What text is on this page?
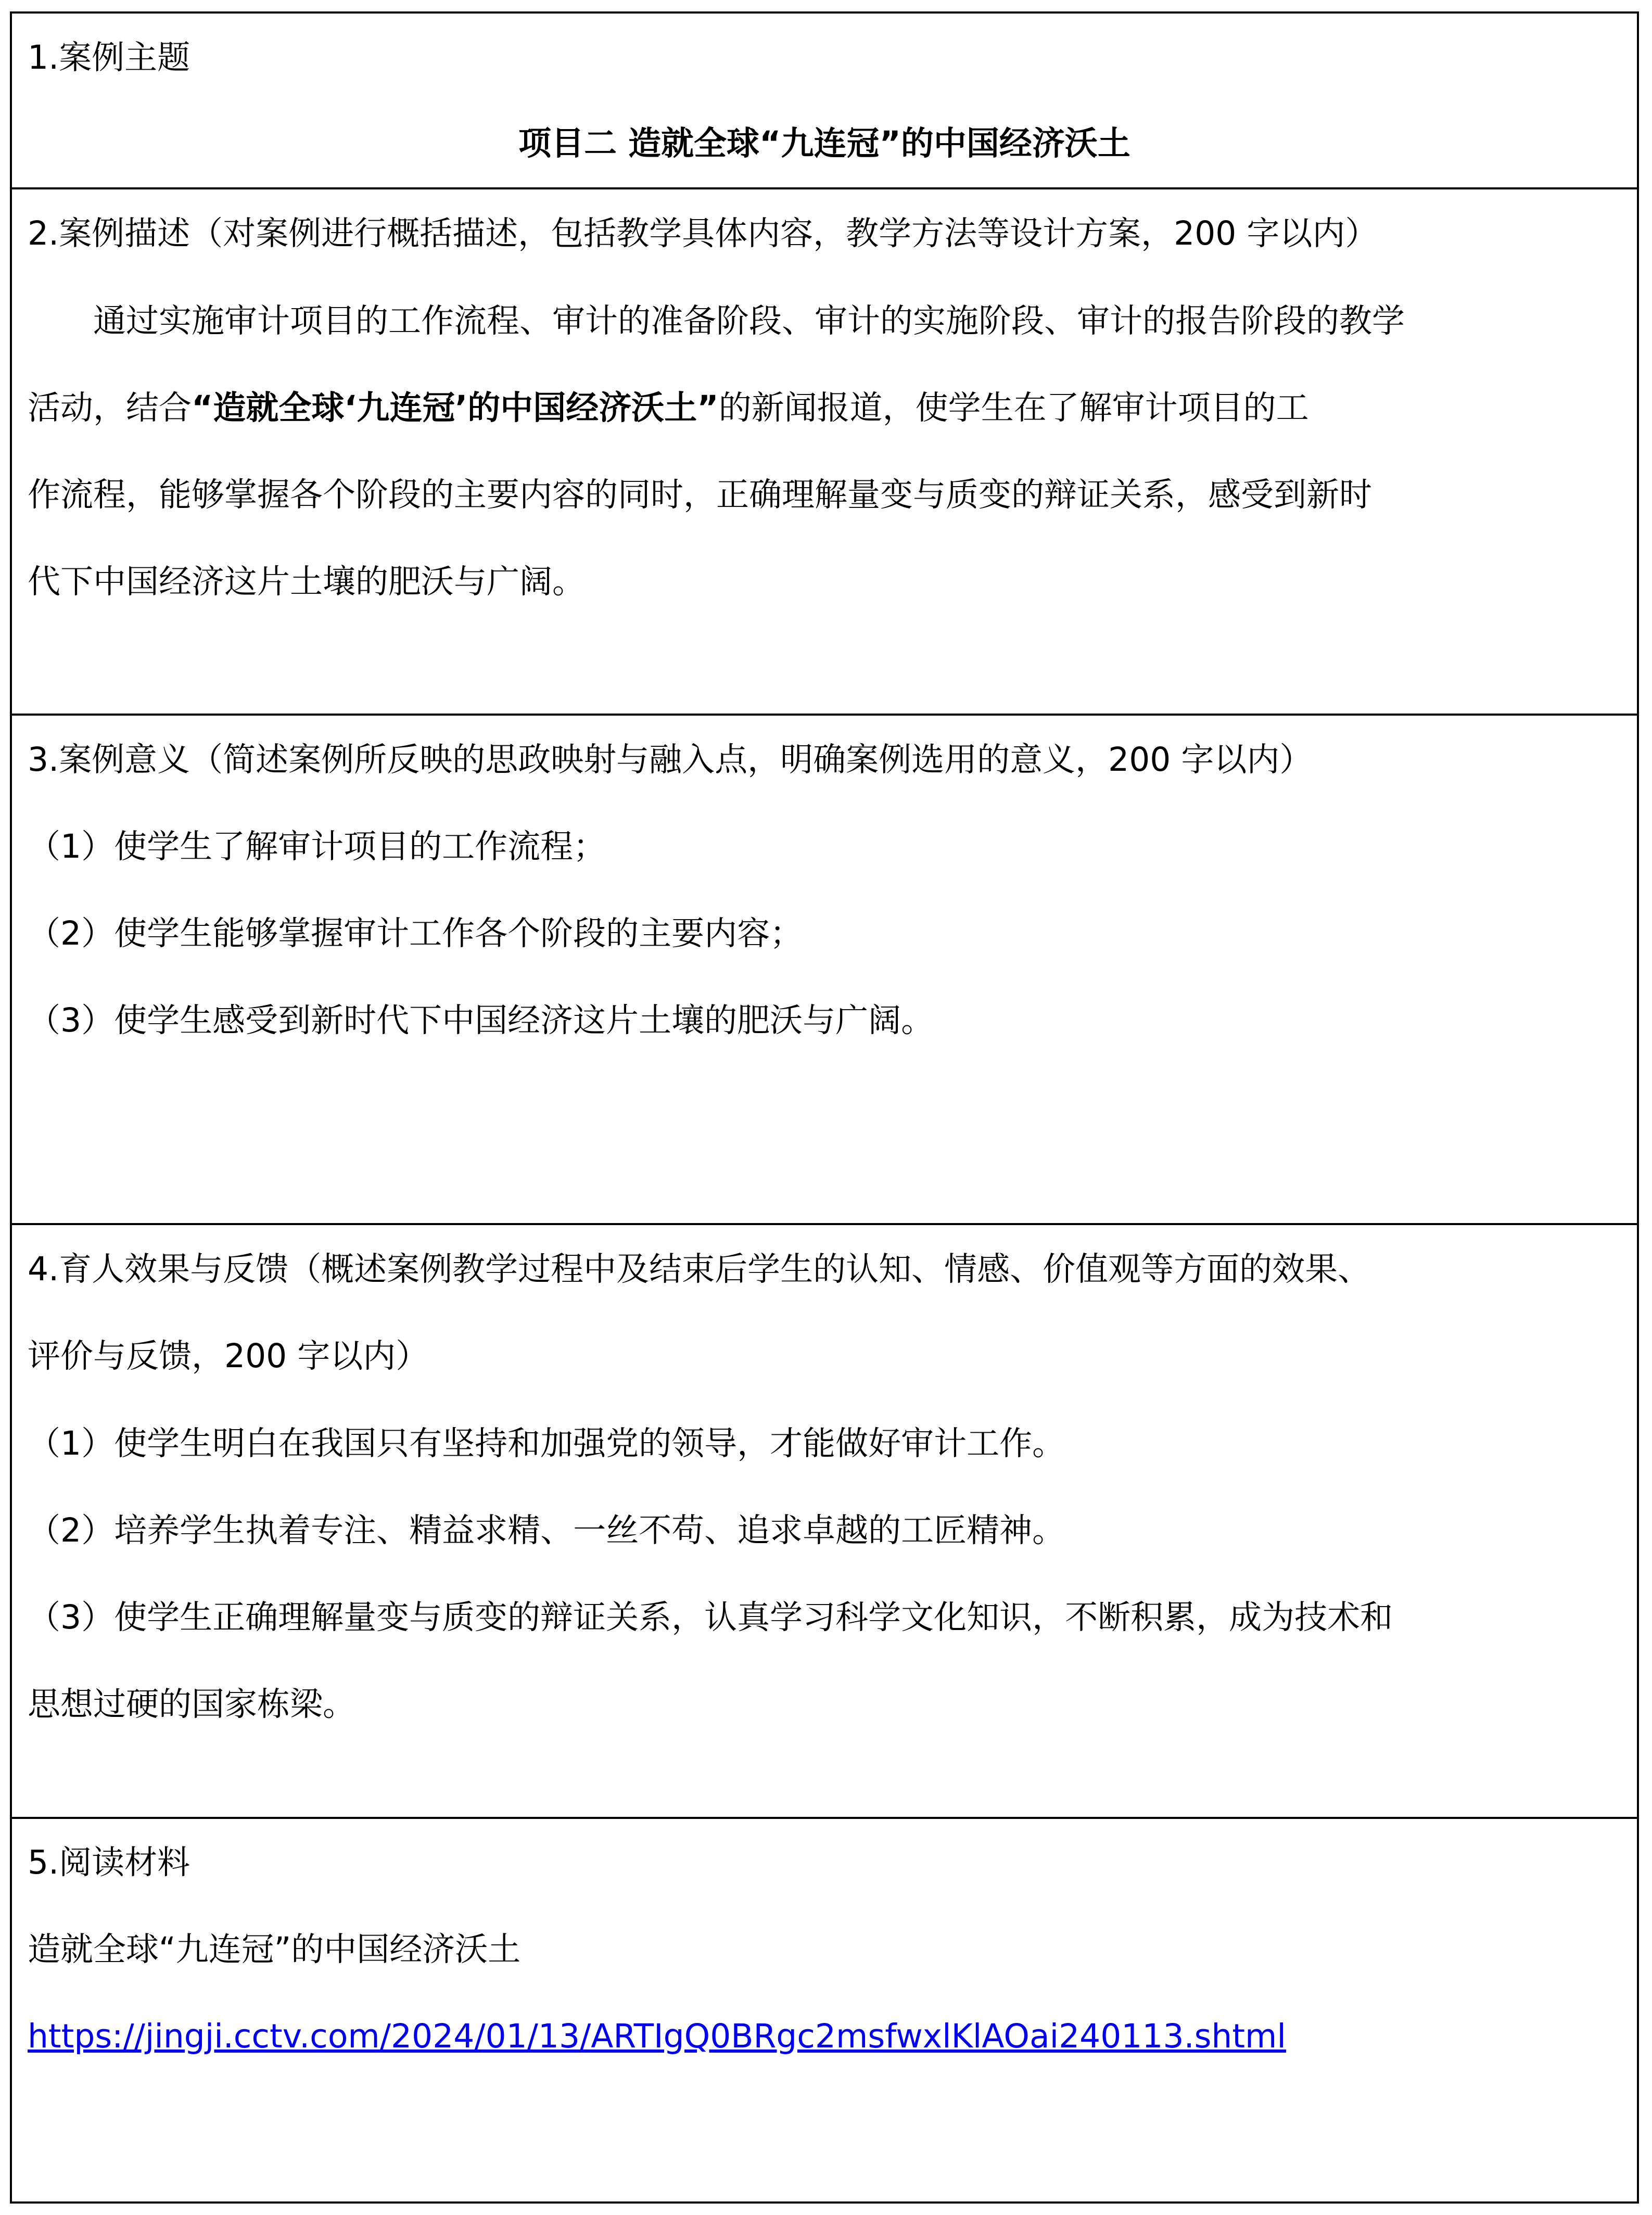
1.案例主题
项目二 造就全球“九连冠”的中国经济沃土
2.案例描述（对案例进行概括描述，包括教学具体内容，教学方法等设计方案，200 字以内）
通过实施审计项目的工作流程、审计的准备阶段、审计的实施阶段、审计的报告阶段的教学
活动，结合“造就全球‘九连冠’的中国经济沃土”的新闻报道，使学生在了解审计项目的工
作流程，能够掌握各个阶段的主要内容的同时，正确理解量变与质变的辩证关系，感受到新时
代下中国经济这片土壤的肥沃与广阔。
3.案例意义（简述案例所反映的思政映射与融入点，明确案例选用的意义，200 字以内）
（1）使学生了解审计项目的工作流程；
（2）使学生能够掌握审计工作各个阶段的主要内容；
（3）使学生感受到新时代下中国经济这片土壤的肥沃与广阔。
4.育人效果与反馈（概述案例教学过程中及结束后学生的认知、情感、价值观等方面的效果、
评价与反馈，200 字以内）
（1）使学生明白在我国只有坚持和加强党的领导，才能做好审计工作。
（2）培养学生执着专注、精益求精、一丝不苟、追求卓越的工匠精神。
（3）使学生正确理解量变与质变的辩证关系，认真学习科学文化知识，不断积累，成为技术和
思想过硬的国家栋梁。
5.阅读材料
造就全球“九连冠”的中国经济沃土
https://jingji.cctv.com/2024/01/13/ARTIgQ0BRgc2msfwxlKlAOai240113.shtml
